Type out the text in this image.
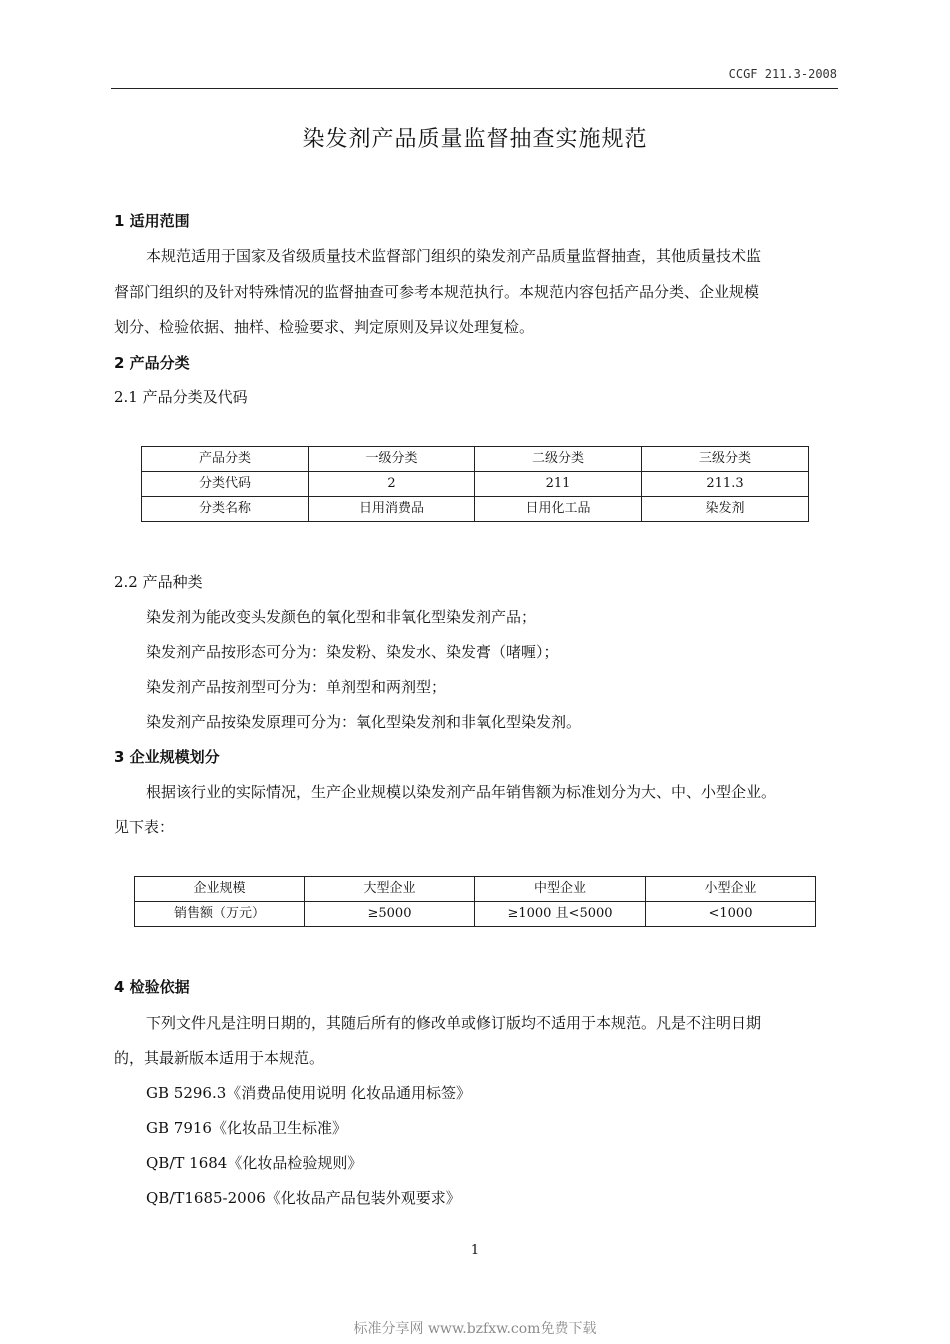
CCGF 211.3-2008
染发剂产品质量监督抽查实施规范
1 适用范围
本规范适用于国家及省级质量技术监督部门组织的染发剂产品质量监督抽查，其他质量技术监
督部门组织的及针对特殊情况的监督抽查可参考本规范执行。本规范内容包括产品分类、企业规模
划分、检验依据、抽样、检验要求、判定原则及异议处理复检。
2 产品分类
2.1 产品分类及代码
产品分类	一级分类	二级分类	三级分类
分类代码	2	211	211.3
分类名称	日用消费品	日用化工品	染发剂
2.2 产品种类
染发剂为能改变头发颜色的氧化型和非氧化型染发剂产品；
染发剂产品按形态可分为：染发粉、染发水、染发膏（啫喱）；
染发剂产品按剂型可分为：单剂型和两剂型；
染发剂产品按染发原理可分为：氧化型染发剂和非氧化型染发剂。
3 企业规模划分
根据该行业的实际情况，生产企业规模以染发剂产品年销售额为标准划分为大、中、小型企业。
见下表：
企业规模	大型企业	中型企业	小型企业
销售额（万元）	≥5000	≥1000 且<5000	<1000
4 检验依据
下列文件凡是注明日期的，其随后所有的修改单或修订版均不适用于本规范。凡是不注明日期
的，其最新版本适用于本规范。
GB 5296.3《消费品使用说明 化妆品通用标签》
GB 7916《化妆品卫生标准》
QB/T 1684《化妆品检验规则》
QB/T1685-2006《化妆品产品包装外观要求》
1
标准分享网 www.bzfxw.com免费下载
